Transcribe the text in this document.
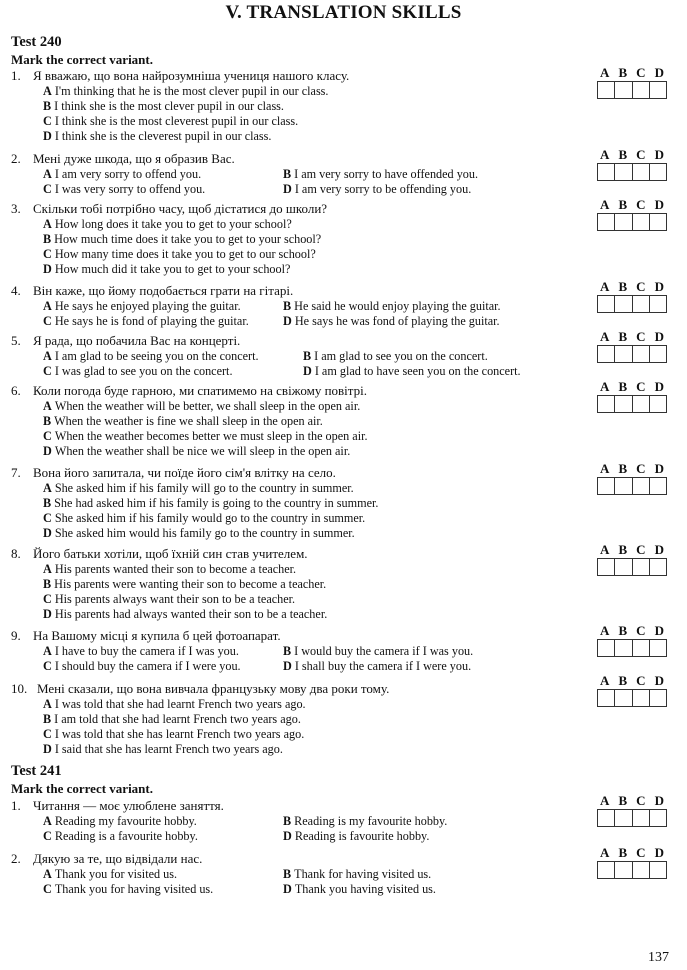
V. TRANSLATION SKILLS
Test 240
Mark the correct variant.
1. Я вважаю, що вона найрозумніша учениця нашого класу.
A I'm thinking that he is the most clever pupil in our class.
B I think she is the most clever pupil in our class.
C I think she is the most cleverest pupil in our class.
D I think she is the cleverest pupil in our class.
A B C D
2. Мені дуже шкода, що я образив Вас.
A I am very sorry to offend you.	B I am very sorry to have offended you.
C I was very sorry to offend you.	D I am very sorry to be offending you.
A B C D
3. Скільки тобі потрібно часу, щоб дістатися до школи?
A How long does it take you to get to your school?
B How much time does it take you to get to your school?
C How many time does it take you to get to our school?
D How much did it take you to get to your school?
A B C D
4. Він каже, що йому подобається грати на гітарі.
A He says he enjoyed playing the guitar.	B He said he would enjoy playing the guitar.
C He says he is fond of playing the guitar.	D He says he was fond of playing the guitar.
A B C D
5. Я рада, що побачила Вас на концерті.
A I am glad to be seeing you on the concert.	B I am glad to see you on the concert.
C I was glad to see you on the concert.	D I am glad to have seen you on the concert.
A B C D
6. Коли погода буде гарною, ми спатимемо на свіжому повітрі.
A When the weather will be better, we shall sleep in the open air.
B When the weather is fine we shall sleep in the open air.
C When the weather becomes better we must sleep in the open air.
D When the weather shall be nice we will sleep in the open air.
A B C D
7. Вона його запитала, чи поїде його сім'я влітку на село.
A She asked him if his family will go to the country in summer.
B She had asked him if his family is going to the country in summer.
C She asked him if his family would go to the country in summer.
D She asked him would his family go to the country in summer.
A B C D
8. Його батьки хотіли, щоб їхній син став учителем.
A His parents wanted their son to become a teacher.
B His parents were wanting their son to become a teacher.
C His parents always want their son to be a teacher.
D His parents had always wanted their son to be a teacher.
A B C D
9. На Вашому місці я купила б цей фотоапарат.
A I have to buy the camera if I was you.	B I would buy the camera if I was you.
C I should buy the camera if I were you.	D I shall buy the camera if I were you.
A B C D
10. Мені сказали, що вона вивчала французьку мову два роки тому.
A I was told that she had learnt French two years ago.
B I am told that she had learnt French two years ago.
C I was told that she has learnt French two years ago.
D I said that she has learnt French two years ago.
A B C D
Test 241
Mark the correct variant.
1. Читання — моє улюблене заняття.
A Reading my favourite hobby.	B Reading is my favourite hobby.
C Reading is a favourite hobby.	D Reading is favourite hobby.
A B C D
2. Дякую за те, що відвідали нас.
A Thank you for visited us.	B Thank for having visited us.
C Thank you for having visited us.	D Thank you having visited us.
A B C D
137
